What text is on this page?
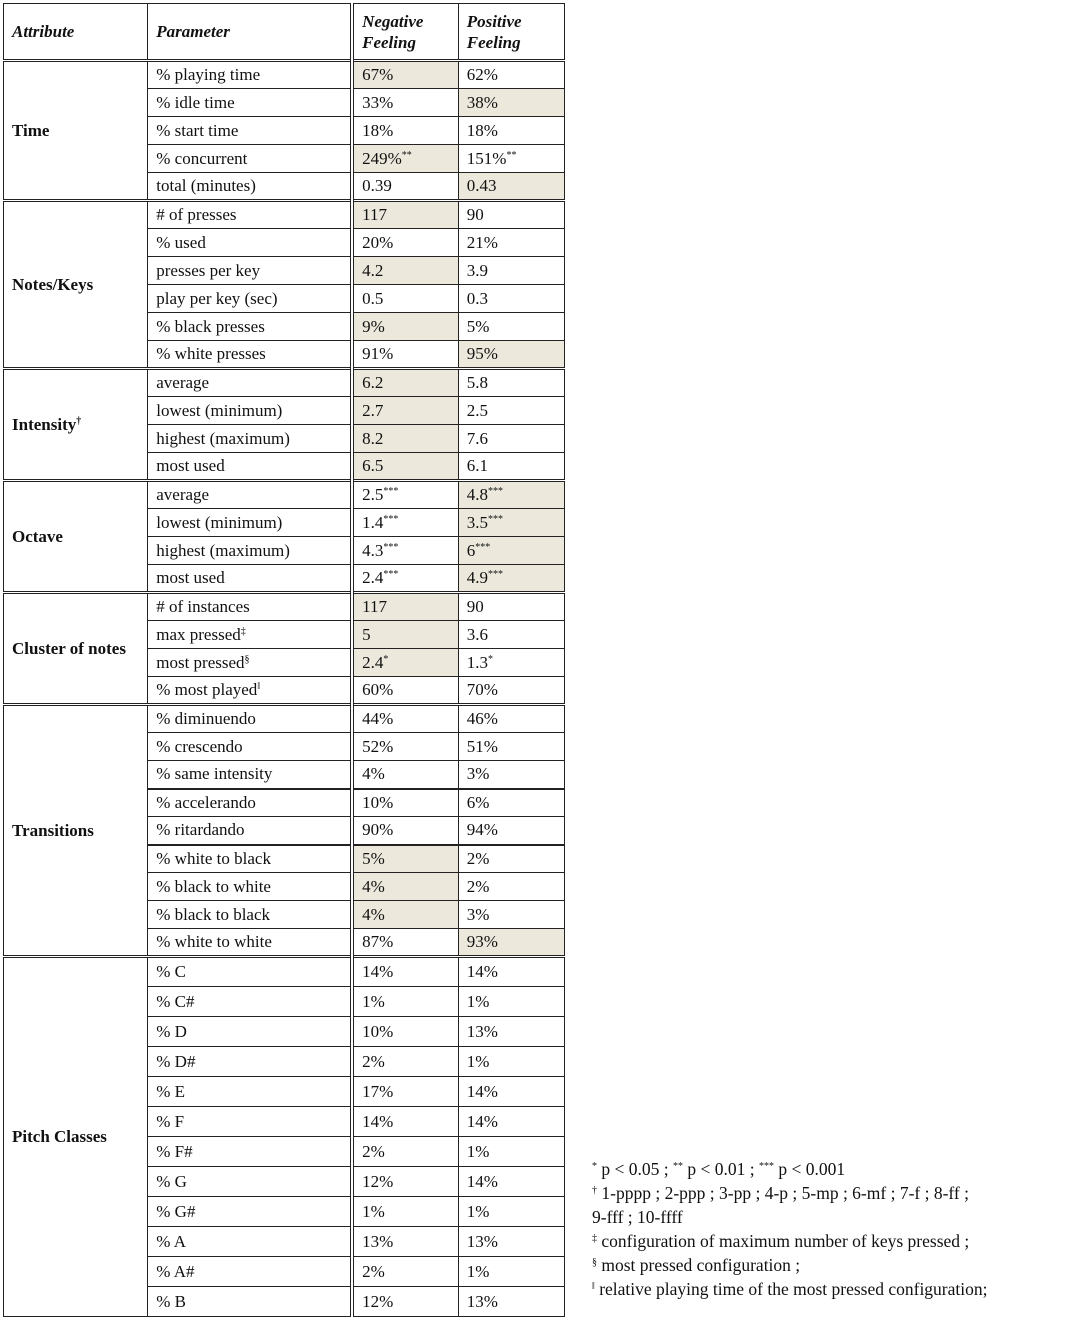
Attribute	Parameter	Negative Feeling	Positive Feeling
Time	% playing time	67%	62%
	% idle time	33%	38%
	% start time	18%	18%
	% concurrent	249%**	151%**
	total (minutes)	0.39	0.43
Notes/Keys	# of presses	117	90
	% used	20%	21%
	presses per key	4.2	3.9
	play per key (sec)	0.5	0.3
	% black presses	9%	5%
	% white presses	91%	95%
Intensity†	average	6.2	5.8
	lowest (minimum)	2.7	2.5
	highest (maximum)	8.2	7.6
	most used	6.5	6.1
Octave	average	2.5***	4.8***
	lowest (minimum)	1.4***	3.5***
	highest (maximum)	4.3***	6***
	most used	2.4***	4.9***
Cluster of notes	# of instances	117	90
	max pressed‡	5	3.6
	most pressed§	2.4*	1.3*
	% most played‖	60%	70%
Transitions	% diminuendo	44%	46%
	% crescendo	52%	51%
	% same intensity	4%	3%
	% accelerando	10%	6%
	% ritardando	90%	94%
	% white to black	5%	2%
	% black to white	4%	2%
	% black to black	4%	3%
	% white to white	87%	93%
Pitch Classes	% C	14%	14%
	% C#	1%	1%
	% D	10%	13%
	% D#	2%	1%
	% E	17%	14%
	% F	14%	14%
	% F#	2%	1%
	% G	12%	14%
	% G#	1%	1%
	% A	13%	13%
	% A#	2%	1%
	% B	12%	13%
* p < 0.05 ; ** p < 0.01 ; *** p < 0.001
† 1-pppp ; 2-ppp ; 3-pp ; 4-p ; 5-mp ; 6-mf ; 7-f ; 8-ff ;
9-fff ; 10-ffff
‡ configuration of maximum number of keys pressed ;
§ most pressed configuration ;
‖ relative playing time of the most pressed configuration;
